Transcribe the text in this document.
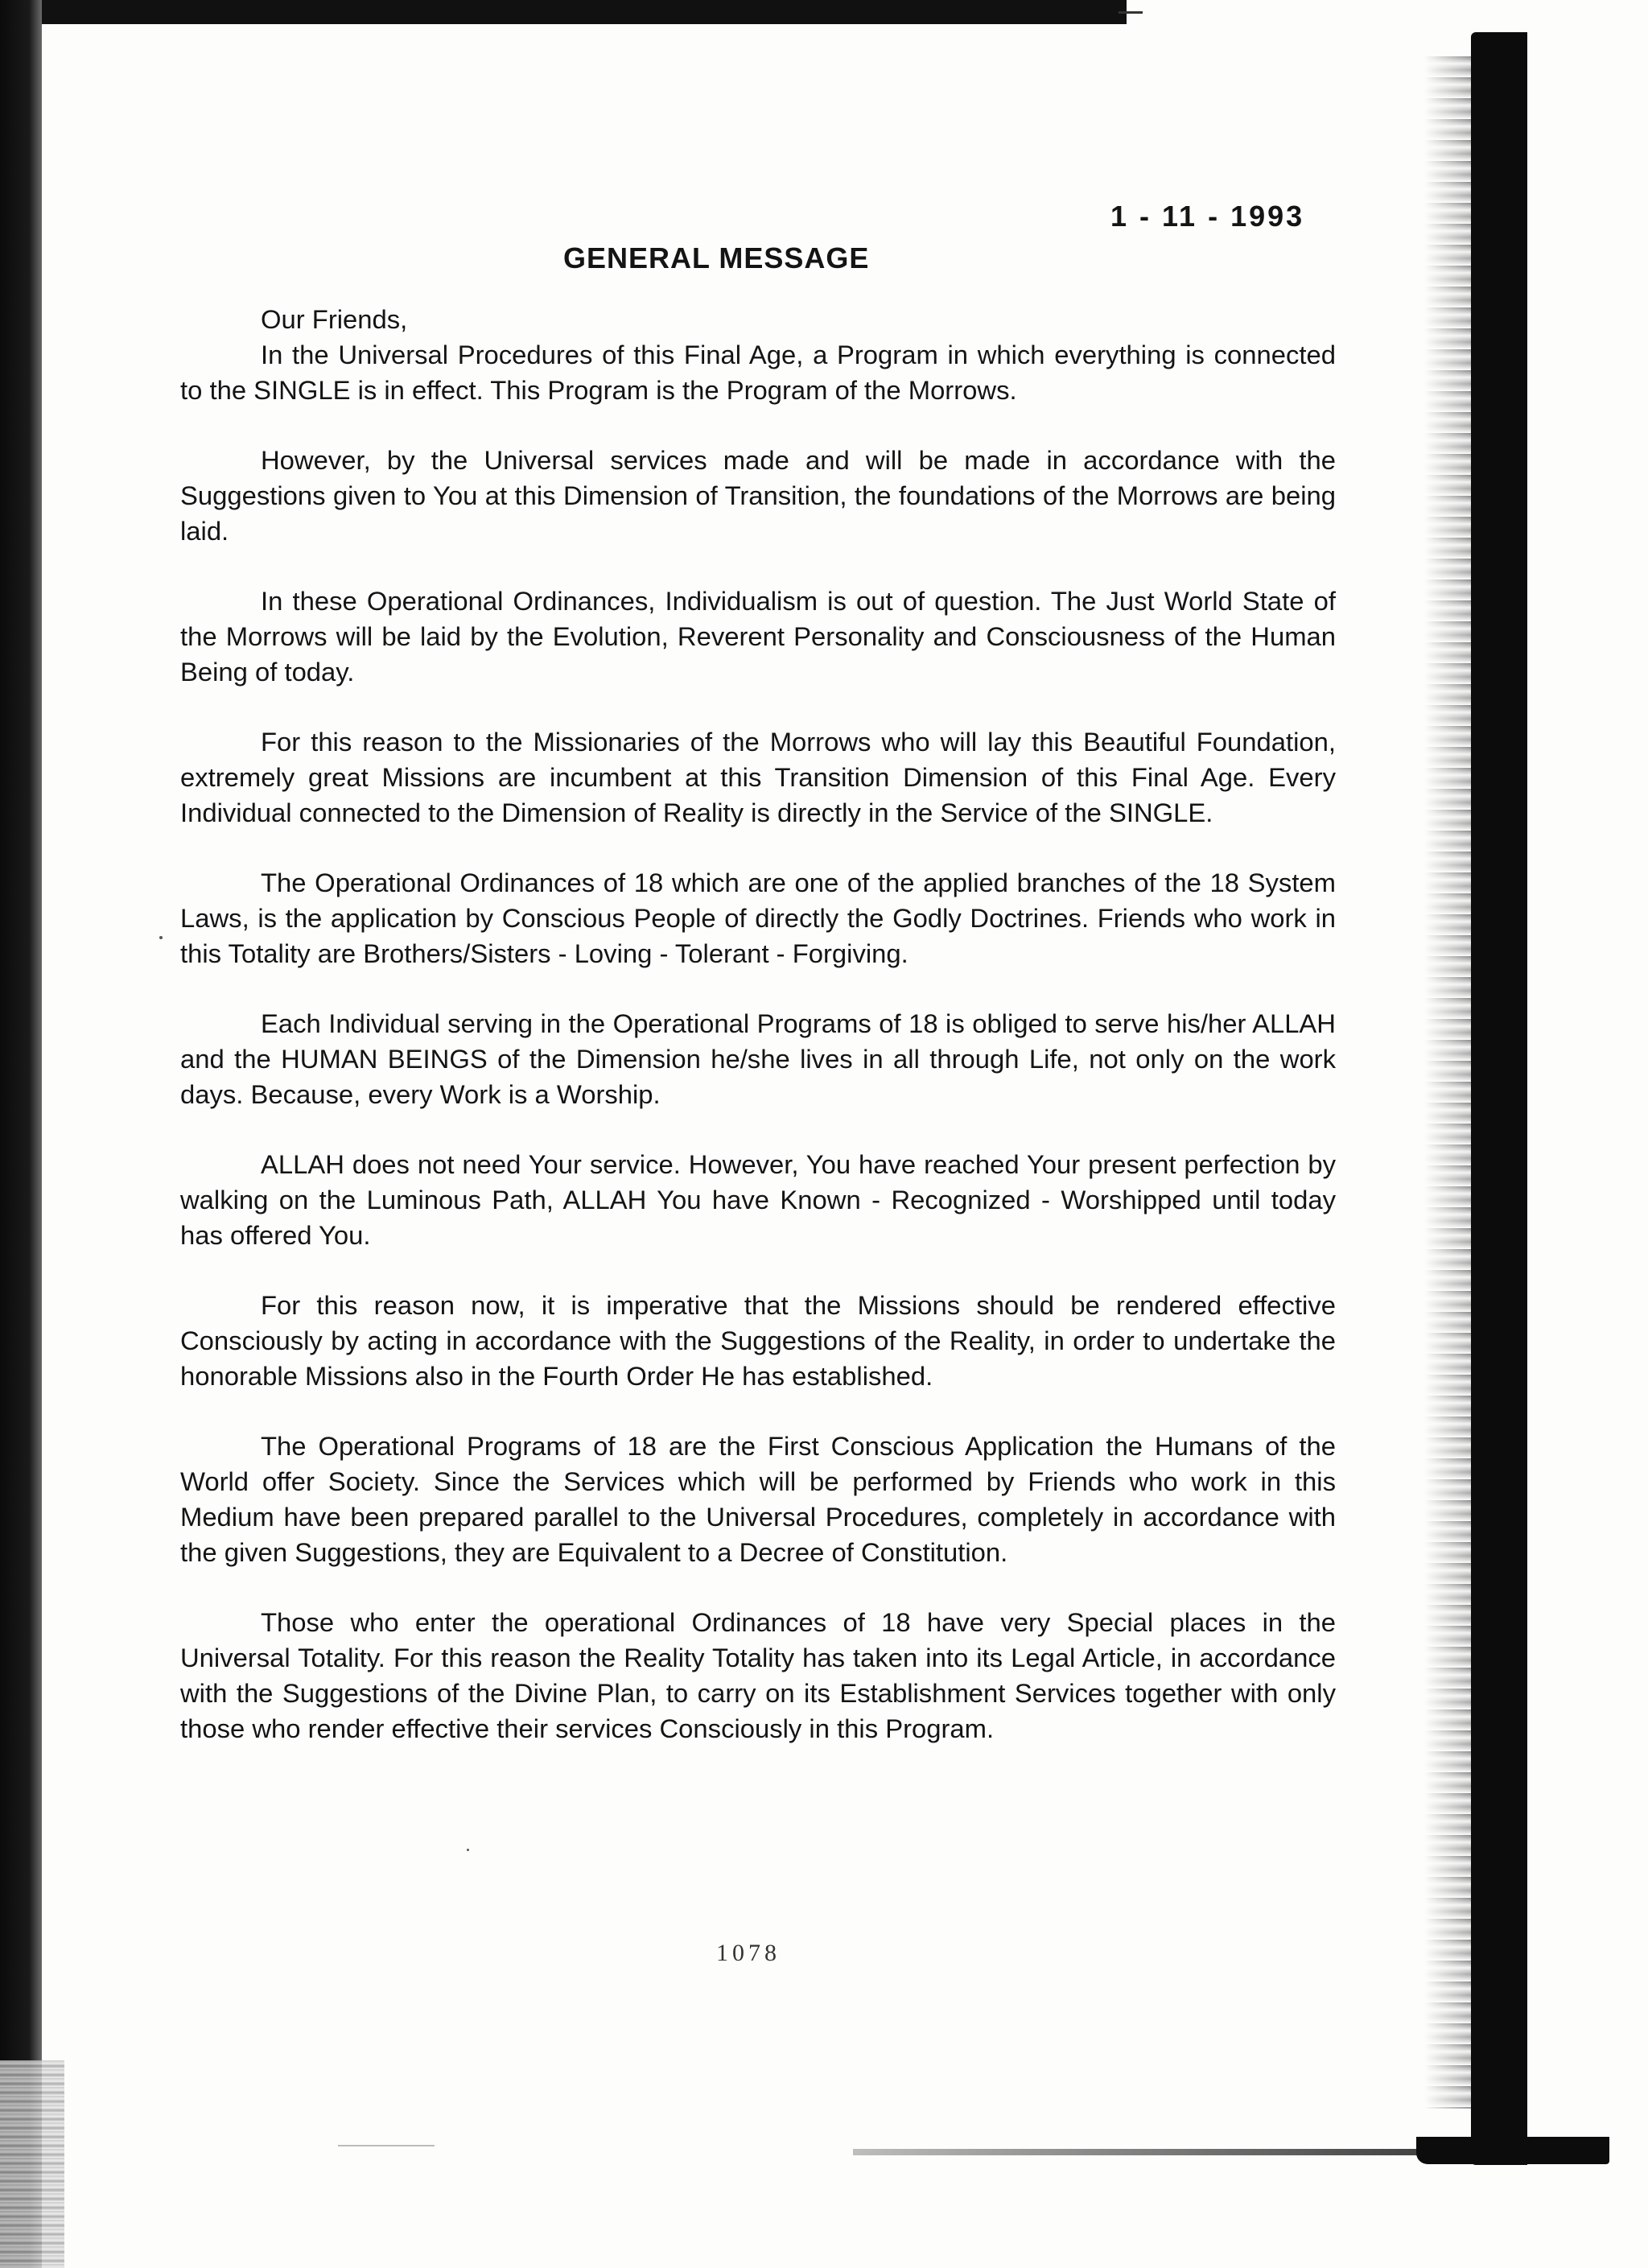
1 - 11 - 1993
GENERAL MESSAGE

Our Friends,

In the Universal Procedures of this Final Age, a Program in which everything is connected to the SINGLE is in effect. This Program is the Program of the Morrows.

However, by the Universal services made and will be made in accordance with the Suggestions given to You at this Dimension of Transition, the foundations of the Morrows are being laid.

In these Operational Ordinances, Individualism is out of question. The Just World State of the Morrows will be laid by the Evolution, Reverent Personality and Consciousness of the Human Being of today.

For this reason to the Missionaries of the Morrows who will lay this Beautiful Foundation, extremely great Missions are incumbent at this Transition Dimension of this Final Age. Every Individual connected to the Dimension of Reality is directly in the Service of the SINGLE.

The Operational Ordinances of 18 which are one of the applied branches of the 18 System Laws, is the application by Conscious People of directly the Godly Doctrines. Friends who work in this Totality are Brothers/Sisters - Loving - Tolerant - Forgiving.

Each Individual serving in the Operational Programs of 18 is obliged to serve his/her ALLAH and the HUMAN BEINGS of the Dimension he/she lives in all through Life, not only on the work days. Because, every Work is a Worship.

ALLAH does not need Your service. However, You have reached Your present perfection by walking on the Luminous Path, ALLAH You have Known - Recognized - Worshipped until today has offered You.

For this reason now, it is imperative that the Missions should be rendered effective Consciously by acting in accordance with the Suggestions of the Reality, in order to undertake the honorable Missions also in the Fourth Order He has established.

The Operational Programs of 18 are the First Conscious Application the Humans of the World offer Society. Since the Services which will be performed by Friends who work in this Medium have been prepared parallel to the Universal Procedures, completely in accordance with the given Suggestions, they are Equivalent to a Decree of Constitution.

Those who enter the operational Ordinances of 18 have very Special places in the Universal Totality. For this reason the Reality Totality has taken into its Legal Article, in accordance with the Suggestions of the Divine Plan, to carry on its Establishment Services together with only those who render effective their services Consciously in this Program.

1078
